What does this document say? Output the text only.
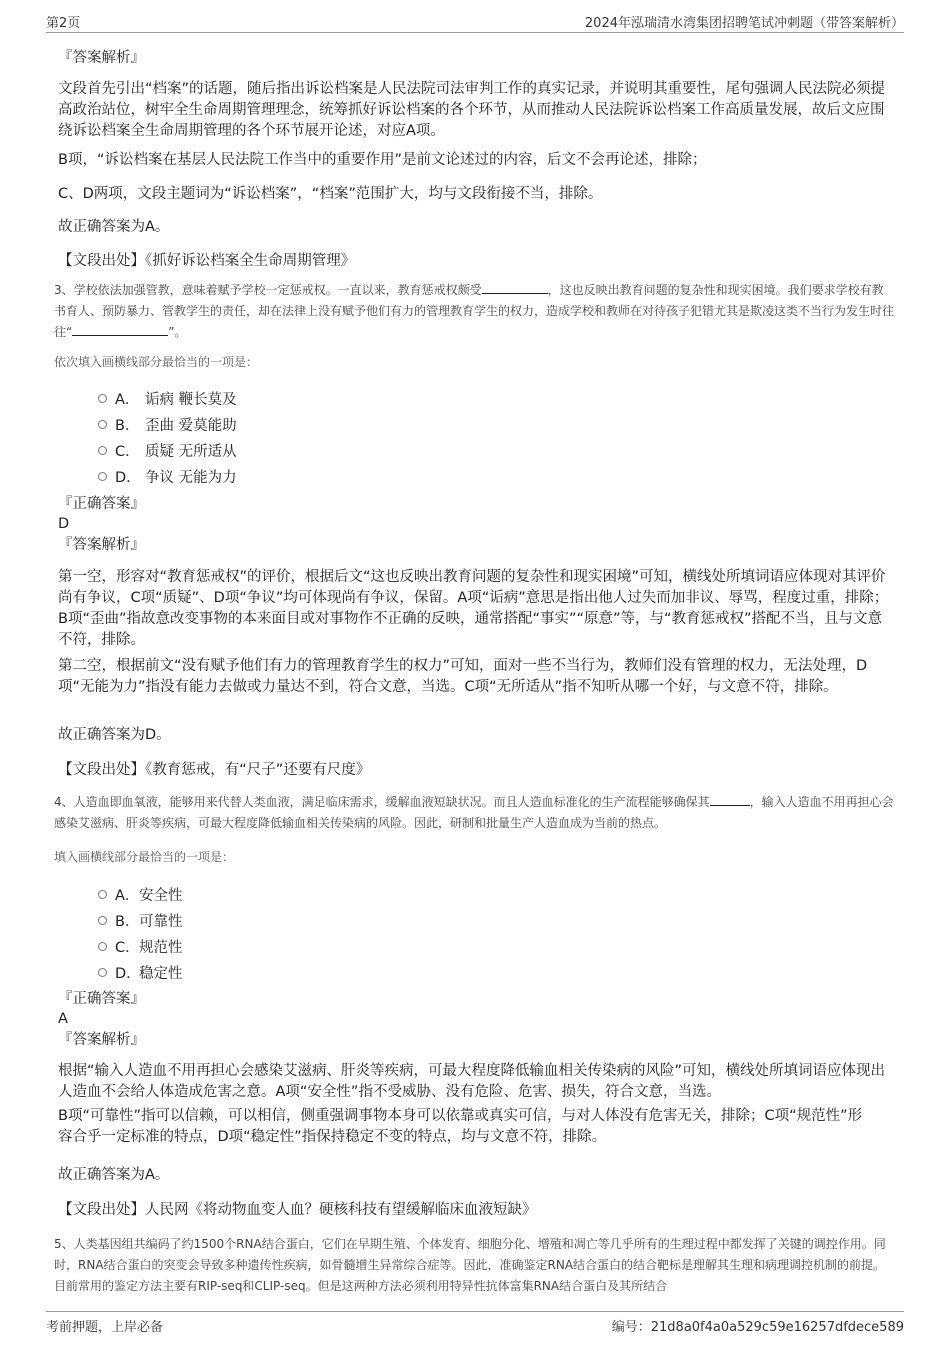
第2页	2024年泓瑞清水湾集团招聘笔试冲刺题（带答案解析）
『答案解析』

文段首先引出“档案”的话题，随后指出诉讼档案是人民法院司法审判工作的真实记录，并说明其重要性，尾句强调人民法院必须提高政治站位，树牢全生命周期管理理念，统筹抓好诉讼档案的各个环节，从而推动人民法院诉讼档案工作高质量发展，故后文应围绕诉讼档案全生命周期管理的各个环节展开论述，对应A项。

B项，“诉讼档案在基层人民法院工作当中的重要作用”是前文论述过的内容，后文不会再论述，排除；

C、D两项，文段主题词为“诉讼档案”，“档案”范围扩大，均与文段衔接不当，排除。

故正确答案为A。

【文段出处】《抓好诉讼档案全生命周期管理》

3、学校依法加强管教，意味着赋予学校一定惩戒权。一直以来，教育惩戒权颇受	，这也反映出教育问题的复杂性和现实困境。我们要求学校有教书育人、预防暴力、管教学生的责任，却在法律上没有赋予他们有力的管理教育学生的权力，造成学校和教师在对待孩子犯错尤其是欺凌这类不当行为发生时往往“	”。

依次填入画横线部分最恰当的一项是：
A． 诟病 鞭长莫及
B． 歪曲 爱莫能助
C． 质疑 无所适从
D． 争议 无能为力
『正确答案』
D
『答案解析』

第一空，形容对“教育惩戒权”的评价，根据后文“这也反映出教育问题的复杂性和现实困境”可知，横线处所填词语应体现对其评价尚有争议，C项“质疑”、D项“争议”均可体现尚有争议，保留。A项“诟病”意思是指出他人过失而加非议、辱骂，程度过重，排除；B项“歪曲”指故意改变事物的本来面目或对事物作不正确的反映，通常搭配“事实”“原意”等，与“教育惩戒权”搭配不当，且与文意不符，排除。

第二空，根据前文“没有赋予他们有力的管理教育学生的权力”可知，面对一些不当行为，教师们没有管理的权力，无法处理，D项“无能为力”指没有能力去做或力量达不到，符合文意，当选。C项“无所适从”指不知听从哪一个好，与文意不符，排除。

故正确答案为D。

【文段出处】《教育惩戒，有“尺子”还要有尺度》

4、人造血即血氧液，能够用来代替人类血液，满足临床需求，缓解血液短缺状况。而且人造血标准化的生产流程能够确保其	，输入人造血不用再担心会感染艾滋病、肝炎等疾病，可最大程度降低输血相关传染病的风险。因此，研制和批量生产人造血成为当前的热点。

填入画横线部分最恰当的一项是：
A． 安全性
B． 可靠性
C． 规范性
D．
稳定性
『正确答案』
A
『答案解析』

根据“输入人造血不用再担心会感染艾滋病、肝炎等疾病，可最大程度降低输血相关传染病的风险”可知，横线处所填词语应体现出人造血不会给人体造成危害之意。A项“安全性”指不受威胁、没有危险、危害、损失，符合文意，当选。

B项“可靠性”指可以信赖，可以相信，侧重强调事物本身可以依靠或真实可信，与对人体没有危害无关，排除；C项“规范性”形容合乎一定标准的特点，D项“稳定性”指保持稳定不变的特点，均与文意不符，排除。

故正确答案为A。

【文段出处】人民网《将动物血变人血？硬核科技有望缓解临床血液短缺》

5、人类基因组共编码了约1500个RNA结合蛋白，它们在早期生殖、个体发育、细胞分化、增殖和凋亡等几乎所有的生理过程中都发挥了关键的调控作用。同时，RNA结合蛋白的突变会导致多种遗传性疾病，如骨髓增生异常综合症等。因此，准确鉴定RNA结合蛋白的结合靶标是理解其生理和病理调控机制的前提。目前常用的鉴定方法主要有RIP-seq和CLIP-seq。但是这两种方法必须利用特异性抗体富集RNA结合蛋白及其所结合

考前押题，上岸必备	编号：21d8a0f4a0a529c59e16257dfdece589
